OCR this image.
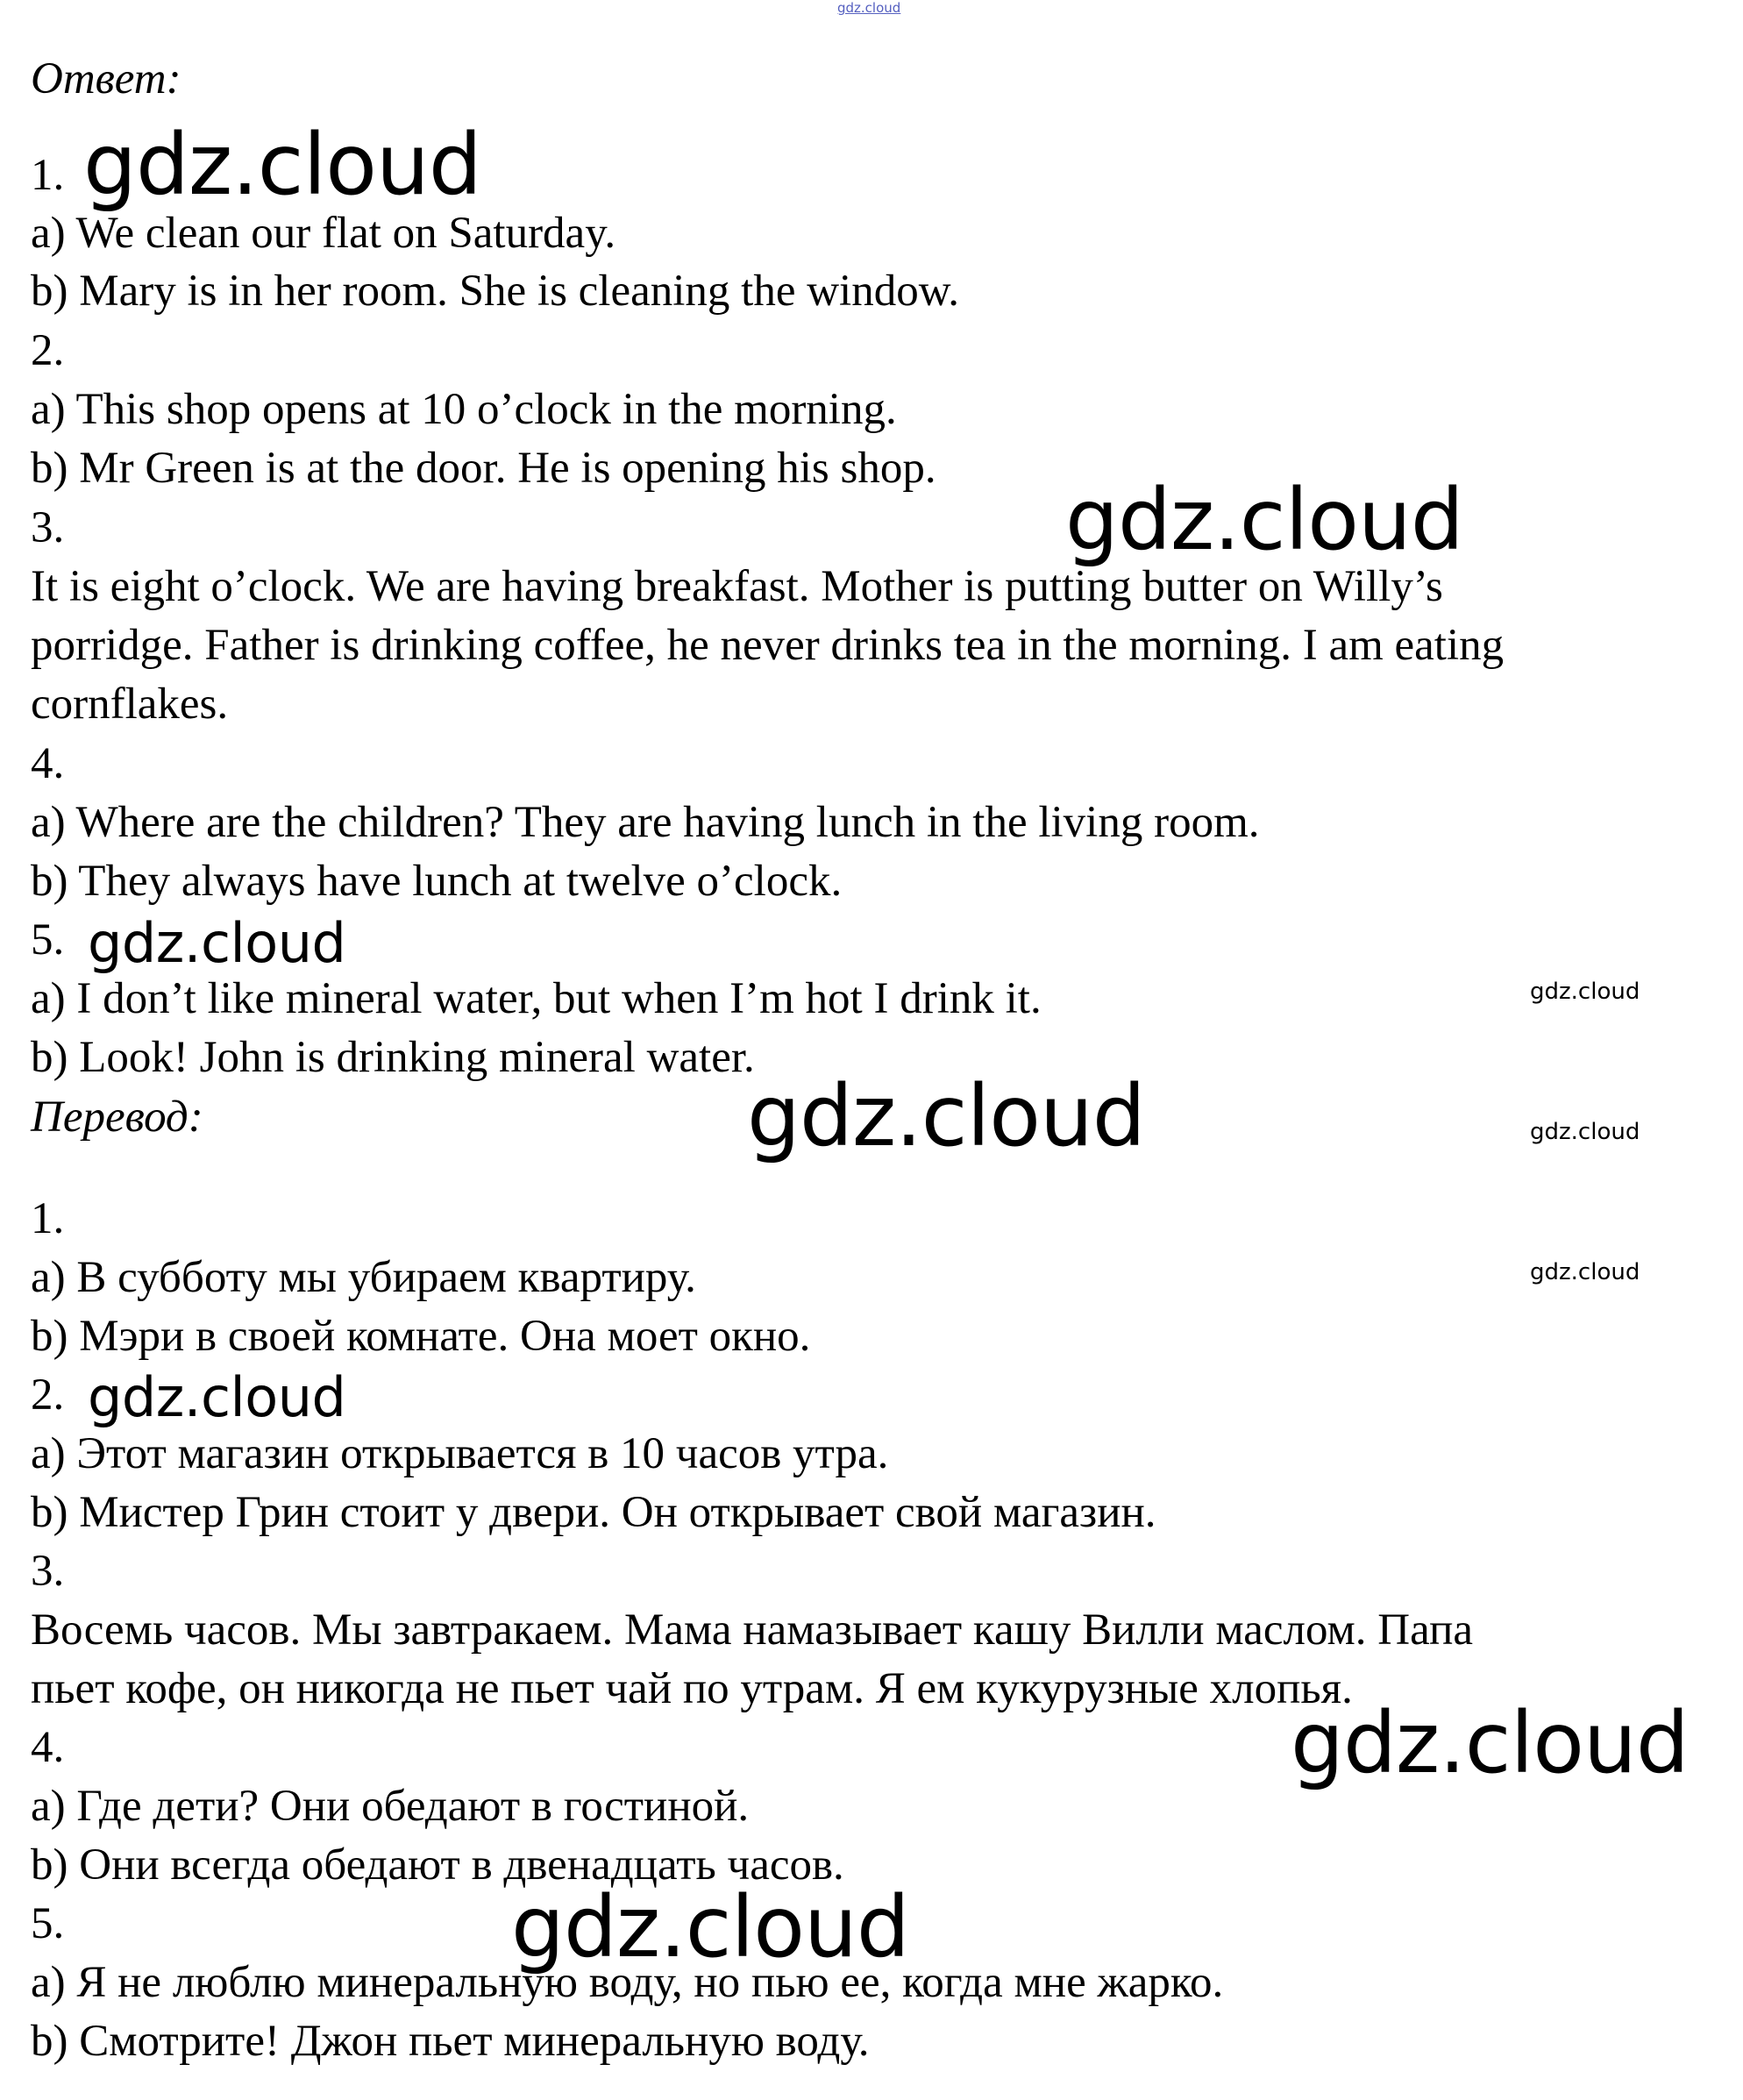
gdz.cloud
Ответ:
1.
a) We clean our flat on Saturday.
b) Mary is in her room. She is cleaning the window.
2.
a) This shop opens at 10 o’clock in the morning.
b) Mr Green is at the door. He is opening his shop.
3.
It is eight o’clock. We are having breakfast. Mother is putting butter on Willy’s
porridge. Father is drinking coffee, he never drinks tea in the morning. I am eating
cornflakes.
4.
a) Where are the children? They are having lunch in the living room.
b) They always have lunch at twelve o’clock.
5.
a) I don’t like mineral water, but when I’m hot I drink it.
b) Look! John is drinking mineral water.
Перевод:
1.
a) В субботу мы убираем квартиру.
b) Мэри в своей комнате. Она моет окно.
2.
a) Этот магазин открывается в 10 часов утра.
b) Мистер Грин стоит у двери. Он открывает свой магазин.
3.
Восемь часов. Мы завтракаем. Мама намазывает кашу Вилли маслом. Папа
пьет кофе, он никогда не пьет чай по утрам. Я ем кукурузные хлопья.
4.
a) Где дети? Они обедают в гостиной.
b) Они всегда обедают в двенадцать часов.
5.
a) Я не люблю минеральную воду, но пью ее, когда мне жарко.
b) Смотрите! Джон пьет минеральную воду.
gdz.cloud
gdz.cloud
gdz.cloud
gdz.cloud
gdz.cloud	gdz.cloud
gdz.cloud
gdz.cloud
gdz.cloud
gdz.cloud
